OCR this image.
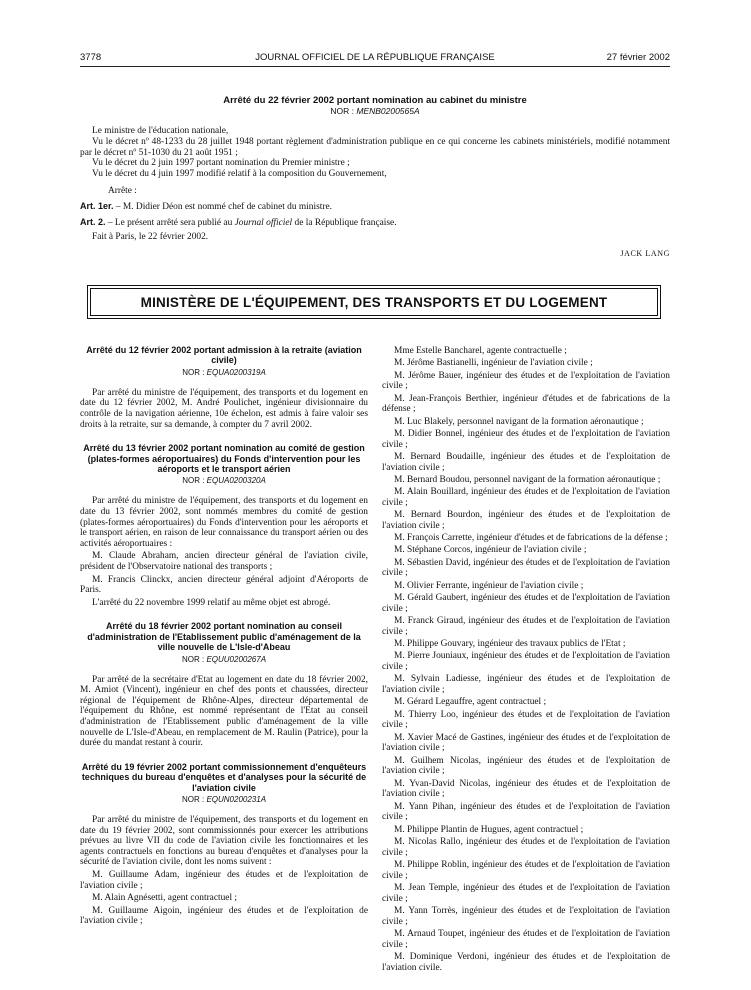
3778	JOURNAL OFFICIEL DE LA RÉPUBLIQUE FRANÇAISE	27 février 2002
Arrêté du 22 février 2002 portant nomination au cabinet du ministre
NOR : MENB0200565A

Le ministre de l'éducation nationale,

Vu le décret nº 48-1233 du 28 juillet 1948 portant règlement d'administration publique en ce qui concerne les cabinets ministériels, modifié notamment par le décret nº 51-1030 du 21 août 1951 ;

Vu le décret du 2 juin 1997 portant nomination du Premier ministre ;

Vu le décret du 4 juin 1997 modifié relatif à la composition du Gouvernement,

Arrête :

Art. 1er. – M. Didier Déon est nommé chef de cabinet du ministre.

Art. 2. – Le présent arrêté sera publié au Journal officiel de la République française.

Fait à Paris, le 22 février 2002.

JACK LANG

MINISTÈRE DE L'ÉQUIPEMENT, DES TRANSPORTS ET DU LOGEMENT
Arrêté du 12 février 2002 portant admission à la retraite (aviation civile)
NOR : EQUA0200319A

Par arrêté du ministre de l'équipement, des transports et du logement en date du 12 février 2002, M. André Poulichet, ingénieur divisionnaire du contrôle de la navigation aérienne, 10e échelon, est admis à faire valoir ses droits à la retraite, sur sa demande, à compter du 7 avril 2002.

Arrêté du 13 février 2002 portant nomination au comité de gestion (plates-formes aéroportuaires) du Fonds d'intervention pour les aéroports et le transport aérien
NOR : EQUA0200320A

Par arrêté du ministre de l'équipement, des transports et du logement en date du 13 février 2002, sont nommés membres du comité de gestion (plates-formes aéroportuaires) du Fonds d'intervention pour les aéroports et le transport aérien, en raison de leur connaissance du transport aérien ou des activités aéroportuaires :

M. Claude Abraham, ancien directeur général de l'aviation civile, président de l'Observatoire national des transports ;

M. Francis Clinckx, ancien directeur général adjoint d'Aéroports de Paris.

L'arrêté du 22 novembre 1999 relatif au même objet est abrogé.

Arrêté du 18 février 2002 portant nomination au conseil d'administration de l'Etablissement public d'aménagement de la ville nouvelle de L'Isle-d'Abeau
NOR : EQUU0200267A

Par arrêté de la secrétaire d'Etat au logement en date du 18 février 2002, M. Amiot (Vincent), ingénieur en chef des ponts et chaussées, directeur régional de l'équipement de Rhône-Alpes, directeur départemental de l'équipement du Rhône, est nommé représentant de l'Etat au conseil d'administration de l'Etablissement public d'aménagement de la ville nouvelle de L'Isle-d'Abeau, en remplacement de M. Raulin (Patrice), pour la durée du mandat restant à courir.

Arrêté du 19 février 2002 portant commissionnement d'enquêteurs techniques du bureau d'enquêtes et d'analyses pour la sécurité de l'aviation civile
NOR : EQUN0200231A

Par arrêté du ministre de l'équipement, des transports et du logement en date du 19 février 2002, sont commissionnés pour exercer les attributions prévues au livre VII du code de l'aviation civile les fonctionnaires et les agents contractuels en fonctions au bureau d'enquêtes et d'analyses pour la sécurité de l'aviation civile, dont les noms suivent :

M. Guillaume Adam, ingénieur des études et de l'exploitation de l'aviation civile ;

M. Alain Agnésetti, agent contractuel ;

M. Guillaume Aigoin, ingénieur des études et de l'exploitation de l'aviation civile ;

Mme Estelle Bancharel, agente contractuelle ;

M. Jérôme Bastianelli, ingénieur de l'aviation civile ;

M. Jérôme Bauer, ingénieur des études et de l'exploitation de l'aviation civile ;

M. Jean-François Berthier, ingénieur d'études et de fabrications de la défense ;

M. Luc Blakely, personnel navigant de la formation aéronautique ;

M. Didier Bonnel, ingénieur des études et de l'exploitation de l'aviation civile ;

M. Bernard Boudaille, ingénieur des études et de l'exploitation de l'aviation civile ;

M. Bernard Boudou, personnel navigant de la formation aéronautique ;

M. Alain Bouillard, ingénieur des études et de l'exploitation de l'aviation civile ;

M. Bernard Bourdon, ingénieur des études et de l'exploitation de l'aviation civile ;

M. François Carrette, ingénieur d'études et de fabrications de la défense ;

M. Stéphane Corcos, ingénieur de l'aviation civile ;

M. Sébastien David, ingénieur des études et de l'exploitation de l'aviation civile ;

M. Olivier Ferrante, ingénieur de l'aviation civile ;

M. Gérald Gaubert, ingénieur des études et de l'exploitation de l'aviation civile ;

M. Franck Giraud, ingénieur des études et de l'exploitation de l'aviation civile ;

M. Philippe Gouvary, ingénieur des travaux publics de l'Etat ;

M. Pierre Jouniaux, ingénieur des études et de l'exploitation de l'aviation civile ;

M. Sylvain Ladiesse, ingénieur des études et de l'exploitation de l'aviation civile ;

M. Gérard Legauffre, agent contractuel ;

M. Thierry Loo, ingénieur des études et de l'exploitation de l'aviation civile ;

M. Xavier Macé de Gastines, ingénieur des études et de l'exploitation de l'aviation civile ;

M. Guilhem Nicolas, ingénieur des études et de l'exploitation de l'aviation civile ;

M. Yvan-David Nicolas, ingénieur des études et de l'exploitation de l'aviation civile ;

M. Yann Pihan, ingénieur des études et de l'exploitation de l'aviation civile ;

M. Philippe Plantin de Hugues, agent contractuel ;

M. Nicolas Rallo, ingénieur des études et de l'exploitation de l'aviation civile ;

M. Philippe Roblin, ingénieur des études et de l'exploitation de l'aviation civile ;

M. Jean Temple, ingénieur des études et de l'exploitation de l'aviation civile ;

M. Yann Torrès, ingénieur des études et de l'exploitation de l'aviation civile ;

M. Arnaud Toupet, ingénieur des études et de l'exploitation de l'aviation civile ;

M. Dominique Verdoni, ingénieur des études et de l'exploitation de l'aviation civile.
